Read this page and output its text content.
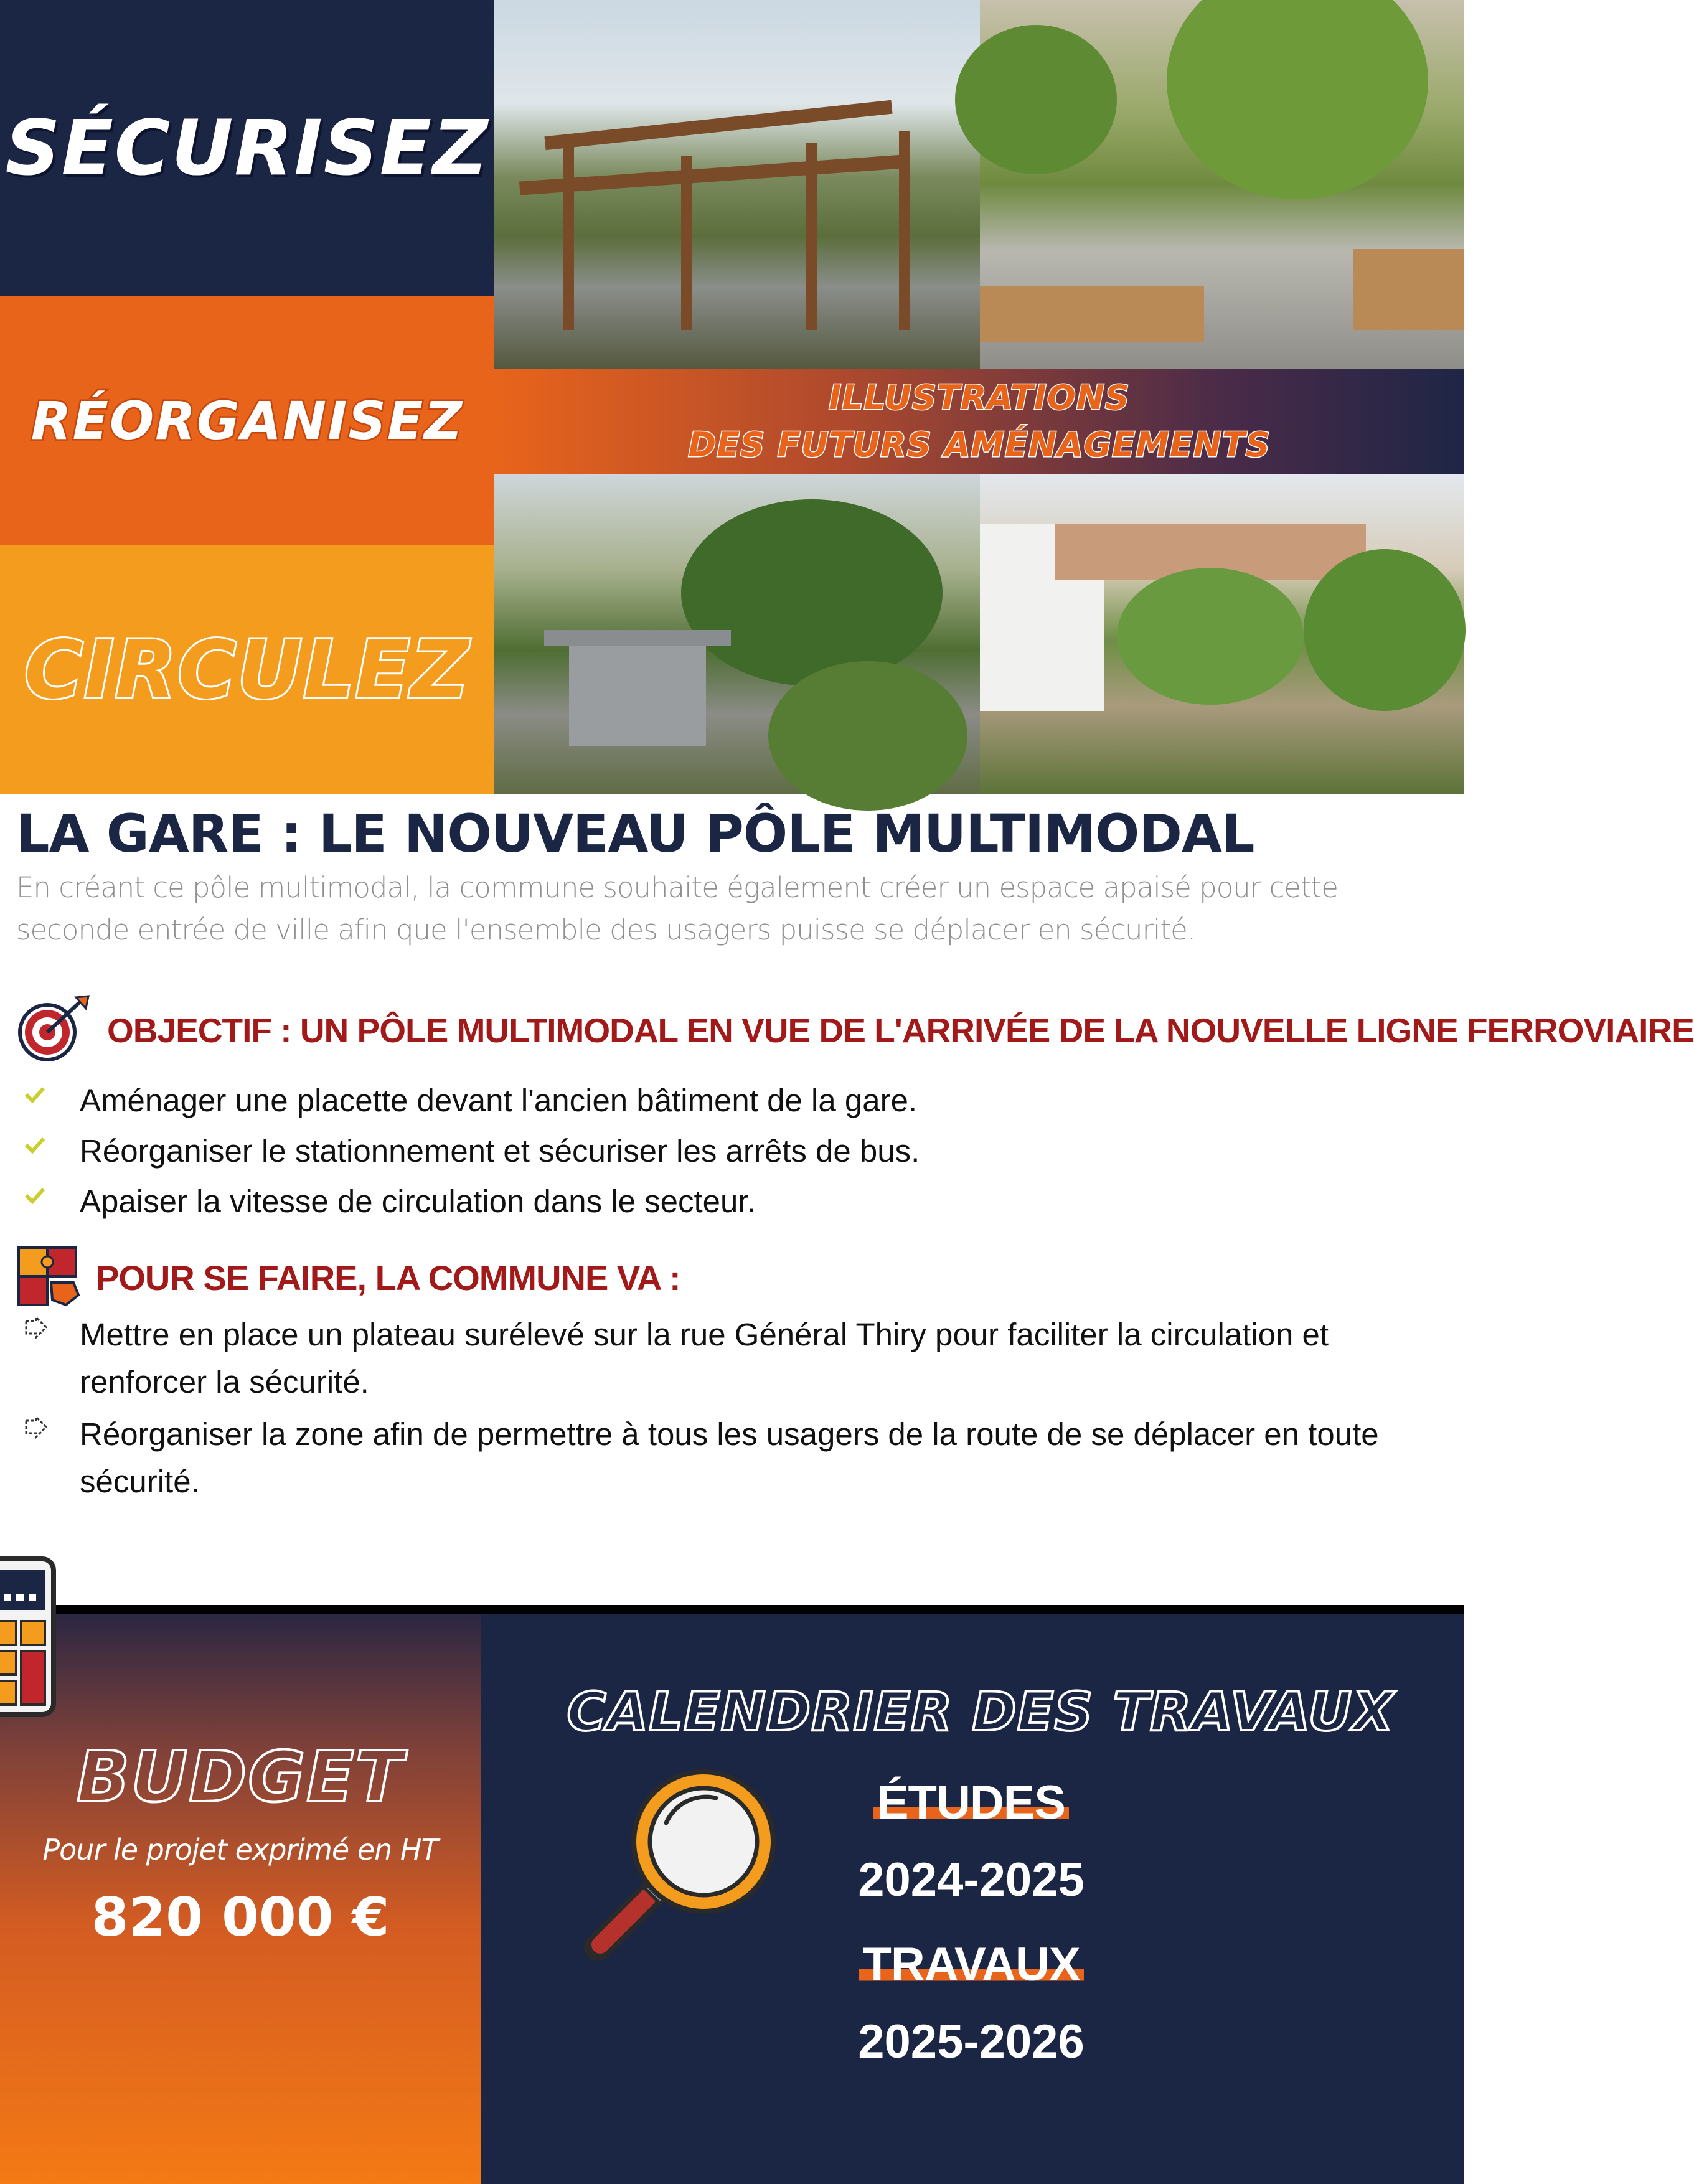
SÉCURISEZ
RÉORGANISEZ
CIRCULEZ
ILLUSTRATIONS
DES FUTURS AMÉNAGEMENTS
LA GARE : LE NOUVEAU PÔLE MULTIMODAL

En créant ce pôle multimodal, la commune souhaite également créer un espace apaisé pour cette seconde entrée de ville afin que l'ensemble des usagers puisse se déplacer en sécurité.

OBJECTIF : UN PÔLE MULTIMODAL EN VUE DE L'ARRIVÉE DE LA NOUVELLE LIGNE FERROVIAIRE
Aménager une placette devant l'ancien bâtiment de la gare.
Réorganiser le stationnement et sécuriser les arrêts de bus.
Apaiser la vitesse de circulation dans le secteur.
POUR SE FAIRE, LA COMMUNE VA :
Mettre en place un plateau surélevé sur la rue Général Thiry pour faciliter la circulation et renforcer la sécurité.
Réorganiser la zone afin de permettre à tous les usagers de la route de se déplacer en toute sécurité.
BUDGET
Pour le projet exprimé en HT
820 000 €
CALENDRIER DES TRAVAUX
ÉTUDES
2024-2025
TRAVAUX
2025-2026
